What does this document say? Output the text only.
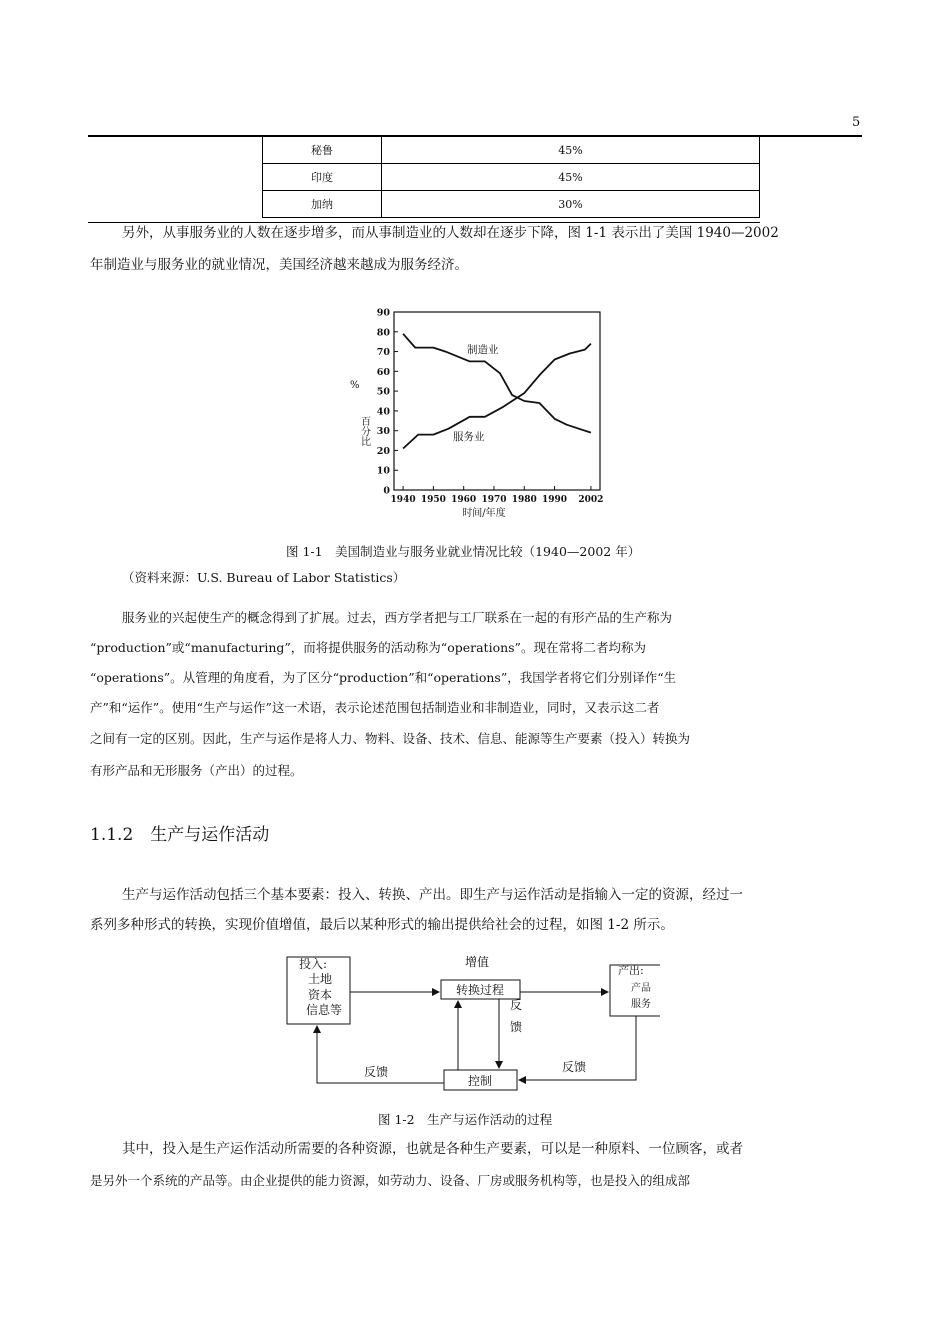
5
秘鲁	45%
印度	45%
加纳	30%
另外，从事服务业的人数在逐步增多，而从事制造业的人数却在逐步下降，图 1-1 表示出了美国 1940—2002
年制造业与服务业的就业情况，美国经济越来越成为服务经济。
0
10
20
30
40
50
60
70
80
90
1940 1950 1960 1970 1980 1990 2002
制造业
服务业
时间/年度
%
百分比
图 1-1　美国制造业与服务业就业情况比较（1940—2002 年）
（资料来源：U.S. Bureau of Labor Statistics）
服务业的兴起使生产的概念得到了扩展。过去，西方学者把与工厂联系在一起的有形产品的生产称为
“production”或“manufacturing”，而将提供服务的活动称为“operations”。现在常将二者均称为
“operations”。从管理的角度看，为了区分“production”和“operations”，我国学者将它们分别译作“生
产”和“运作”。使用“生产与运作”这一术语，表示论述范围包括制造业和非制造业，同时，又表示这二者
之间有一定的区别。因此，生产与运作是将人力、物料、设备、技术、信息、能源等生产要素（投入）转换为
有形产品和无形服务（产出）的过程。
1.1.2　生产与运作活动
生产与运作活动包括三个基本要素：投入、转换、产出。即生产与运作活动是指输入一定的资源，经过一
系列多种形式的转换，实现价值增值，最后以某种形式的输出提供给社会的过程，如图 1-2 所示。
投入:
土地
资本
信息等
增值
转换过程
产出:
产品
服务
控制
反
馈
反馈	反馈
图 1-2　生产与运作活动的过程
其中，投入是生产运作活动所需要的各种资源，也就是各种生产要素，可以是一种原料、一位顾客，或者
是另外一个系统的产品等。由企业提供的能力资源，如劳动力、设备、厂房或服务机构等，也是投入的组成部
